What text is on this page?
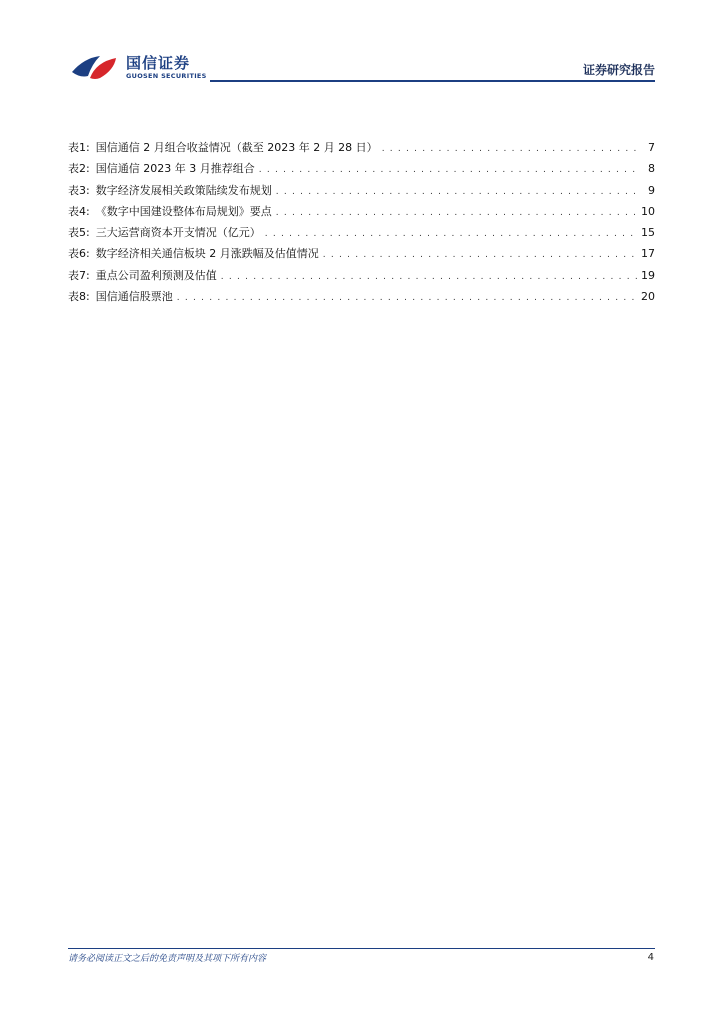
国信证券
GUOSEN SECURITIES	证券研究报告
表1: 国信通信 2 月组合收益情况（截至 2023 年 2 月 28 日） . . .	7
表2: 国信通信 2023 年 3 月推荐组合 . . .	8
表3: 数字经济发展相关政策陆续发布规划 . . .	9
表4: 《数字中国建设整体布局规划》要点 . . .	10
表5: 三大运营商资本开支情况（亿元） . . .	15
表6: 数字经济相关通信板块 2 月涨跌幅及估值情况 . . .	17
表7: 重点公司盈利预测及估值 . . .	19
表8: 国信通信股票池 . . .	20
请务必阅读正文之后的免责声明及其项下所有内容	4
